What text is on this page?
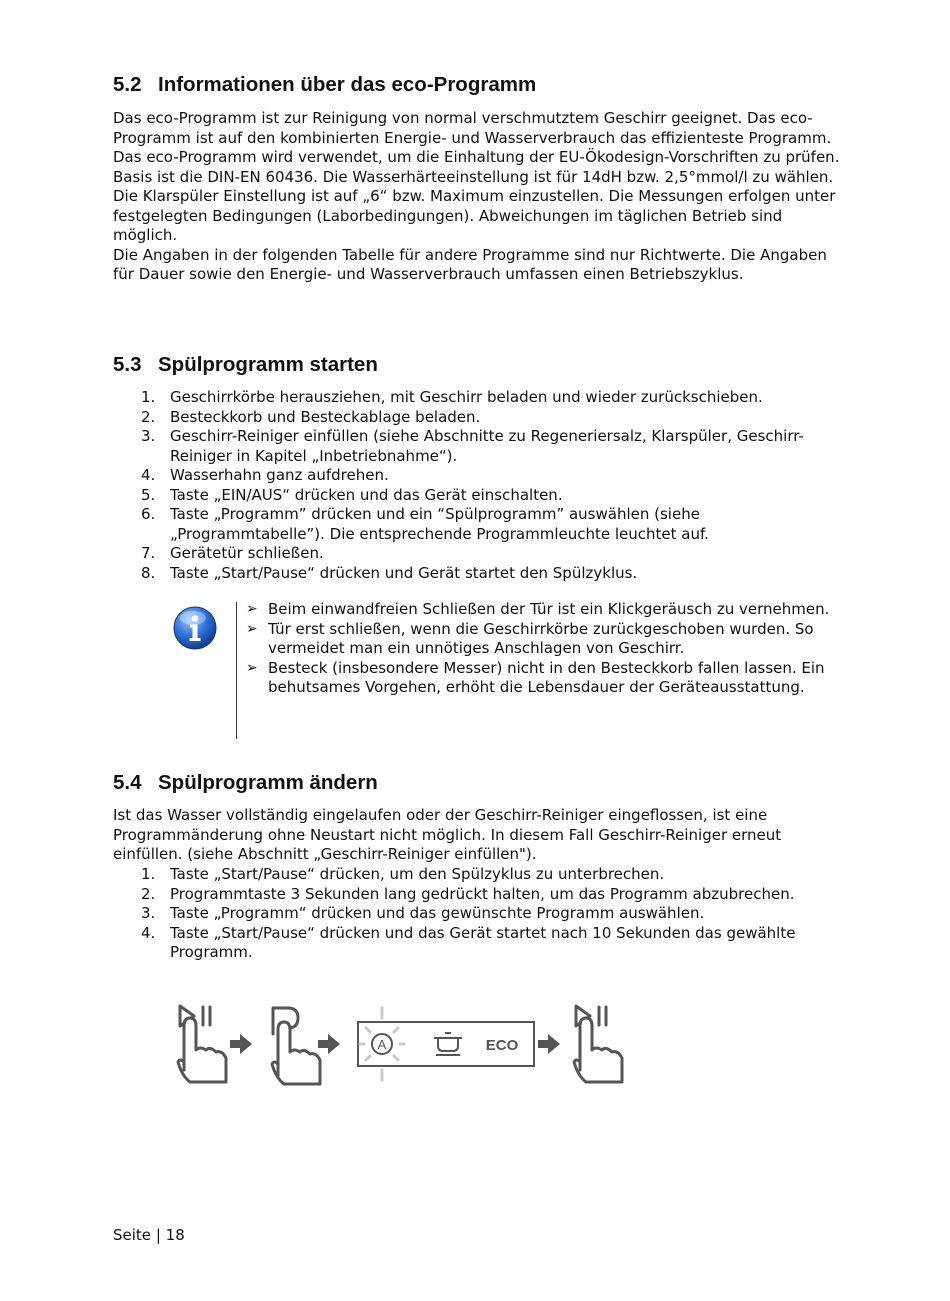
5.2 Informationen über das eco-Programm

Das eco-Programm ist zur Reinigung von normal verschmutztem Geschirr geeignet. Das eco-Programm ist auf den kombinierten Energie- und Wasserverbrauch das effizienteste Programm.

Das eco-Programm wird verwendet, um die Einhaltung der EU-Ökodesign-Vorschriften zu prüfen. Basis ist die DIN-EN 60436. Die Wasserhärteeinstellung ist für 14dH bzw. 2,5°mmol/l zu wählen. Die Klarspüler Einstellung ist auf „6“ bzw. Maximum einzustellen. Die Messungen erfolgen unter festgelegten Bedingungen (Laborbedingungen). Abweichungen im täglichen Betrieb sind möglich.

Die Angaben in der folgenden Tabelle für andere Programme sind nur Richtwerte. Die Angaben für Dauer sowie den Energie- und Wasserverbrauch umfassen einen Betriebszyklus.

5.3 Spülprogramm starten
1. Geschirrkörbe herausziehen, mit Geschirr beladen und wieder zurückschieben.
2. Besteckkorb und Besteckablage beladen.
3. Geschirr-Reiniger einfüllen (siehe Abschnitte zu Regeneriersalz, Klarspüler, Geschirr-Reiniger in Kapitel „Inbetriebnahme“).
4. Wasserhahn ganz aufdrehen.
5. Taste „EIN/AUS“ drücken und das Gerät einschalten.
6. Taste „Programm” drücken und ein “Spülprogramm” auswählen (siehe „Programmtabelle”). Die entsprechende Programmleuchte leuchtet auf.
7. Gerätetür schließen.
8. Taste „Start/Pause“ drücken und Gerät startet den Spülzyklus.
➢ Beim einwandfreien Schließen der Tür ist ein Klickgeräusch zu vernehmen.
➢ Tür erst schließen, wenn die Geschirrkörbe zurückgeschoben wurden. So vermeidet man ein unnötiges Anschlagen von Geschirr.
➢ Besteck (insbesondere Messer) nicht in den Besteckkorb fallen lassen. Ein behutsames Vorgehen, erhöht die Lebensdauer der Geräteausstattung.
5.4 Spülprogramm ändern

Ist das Wasser vollständig eingelaufen oder der Geschirr-Reiniger eingeflossen, ist eine Programmänderung ohne Neustart nicht möglich. In diesem Fall Geschirr-Reiniger erneut einfüllen. (siehe Abschnitt „Geschirr-Reiniger einfüllen").

1. Taste „Start/Pause“ drücken, um den Spülzyklus zu unterbrechen.
2. Programmtaste 3 Sekunden lang gedrückt halten, um das Programm abzubrechen.
3. Taste „Programm“ drücken und das gewünschte Programm auswählen.
4. Taste „Start/Pause“ drücken und das Gerät startet nach 10 Sekunden das gewählte Programm.
A	ECO
Seite | 18
